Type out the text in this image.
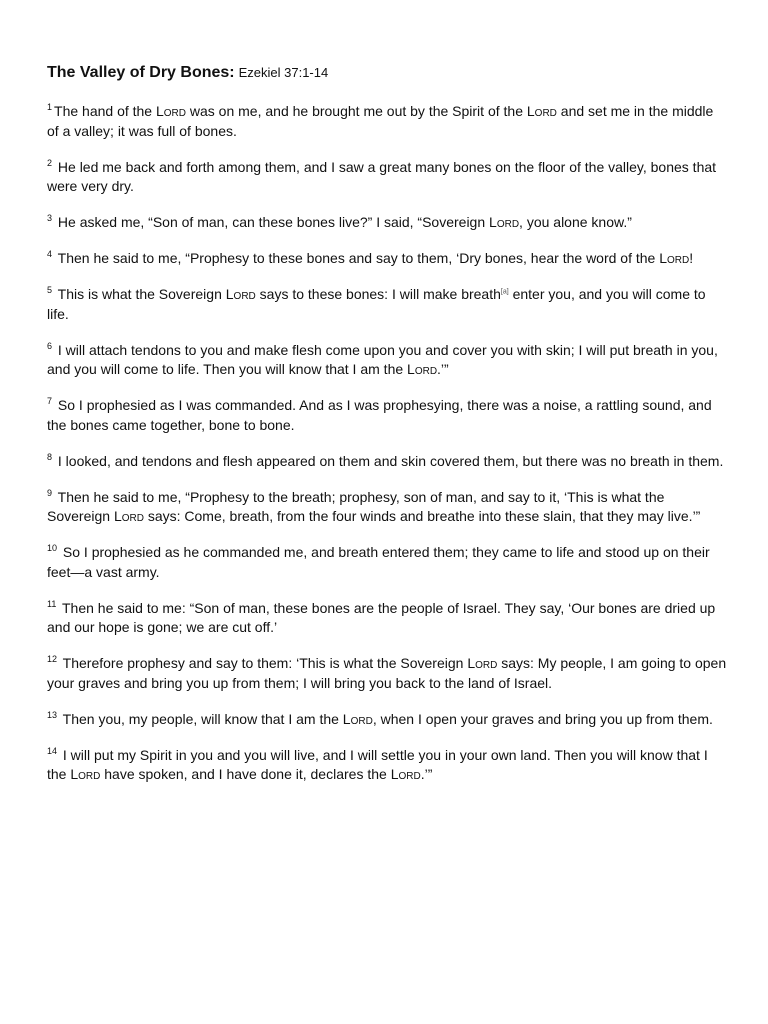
The Valley of Dry Bones: Ezekiel 37:1-14

$^1$ The hand of the Lord was on me, and he brought me out by the Spirit of the Lord and set me in the middle of a valley; it was full of bones.

$^2$ He led me back and forth among them, and I saw a great many bones on the floor of the valley, bones that were very dry.

$^3$ He asked me, “Son of man, can these bones live?” I said, “Sovereign Lord, you alone know.”

$^4$ Then he said to me, “Prophesy to these bones and say to them, ‘Dry bones, hear the word of the Lord!

$^5$ This is what the Sovereign Lord says to these bones: I will make breath[a] enter you, and you will come to life.

$^6$ I will attach tendons to you and make flesh come upon you and cover you with skin; I will put breath in you, and you will come to life. Then you will know that I am the Lord.’”

$^7$ So I prophesied as I was commanded. And as I was prophesying, there was a noise, a rattling sound, and the bones came together, bone to bone.

$^8$ I looked, and tendons and flesh appeared on them and skin covered them, but there was no breath in them.

$^9$ Then he said to me, “Prophesy to the breath; prophesy, son of man, and say to it, ‘This is what the Sovereign Lord says: Come, breath, from the four winds and breathe into these slain, that they may live.’”

$^{10}$ So I prophesied as he commanded me, and breath entered them; they came to life and stood up on their feet—a vast army.

$^{11}$ Then he said to me: “Son of man, these bones are the people of Israel. They say, ‘Our bones are dried up and our hope is gone; we are cut off.’

$^{12}$ Therefore prophesy and say to them: ‘This is what the Sovereign Lord says: My people, I am going to open your graves and bring you up from them; I will bring you back to the land of Israel.

$^{13}$ Then you, my people, will know that I am the Lord, when I open your graves and bring you up from them.

$^{14}$ I will put my Spirit in you and you will live, and I will settle you in your own land. Then you will know that I the Lord have spoken, and I have done it, declares the Lord.’”
